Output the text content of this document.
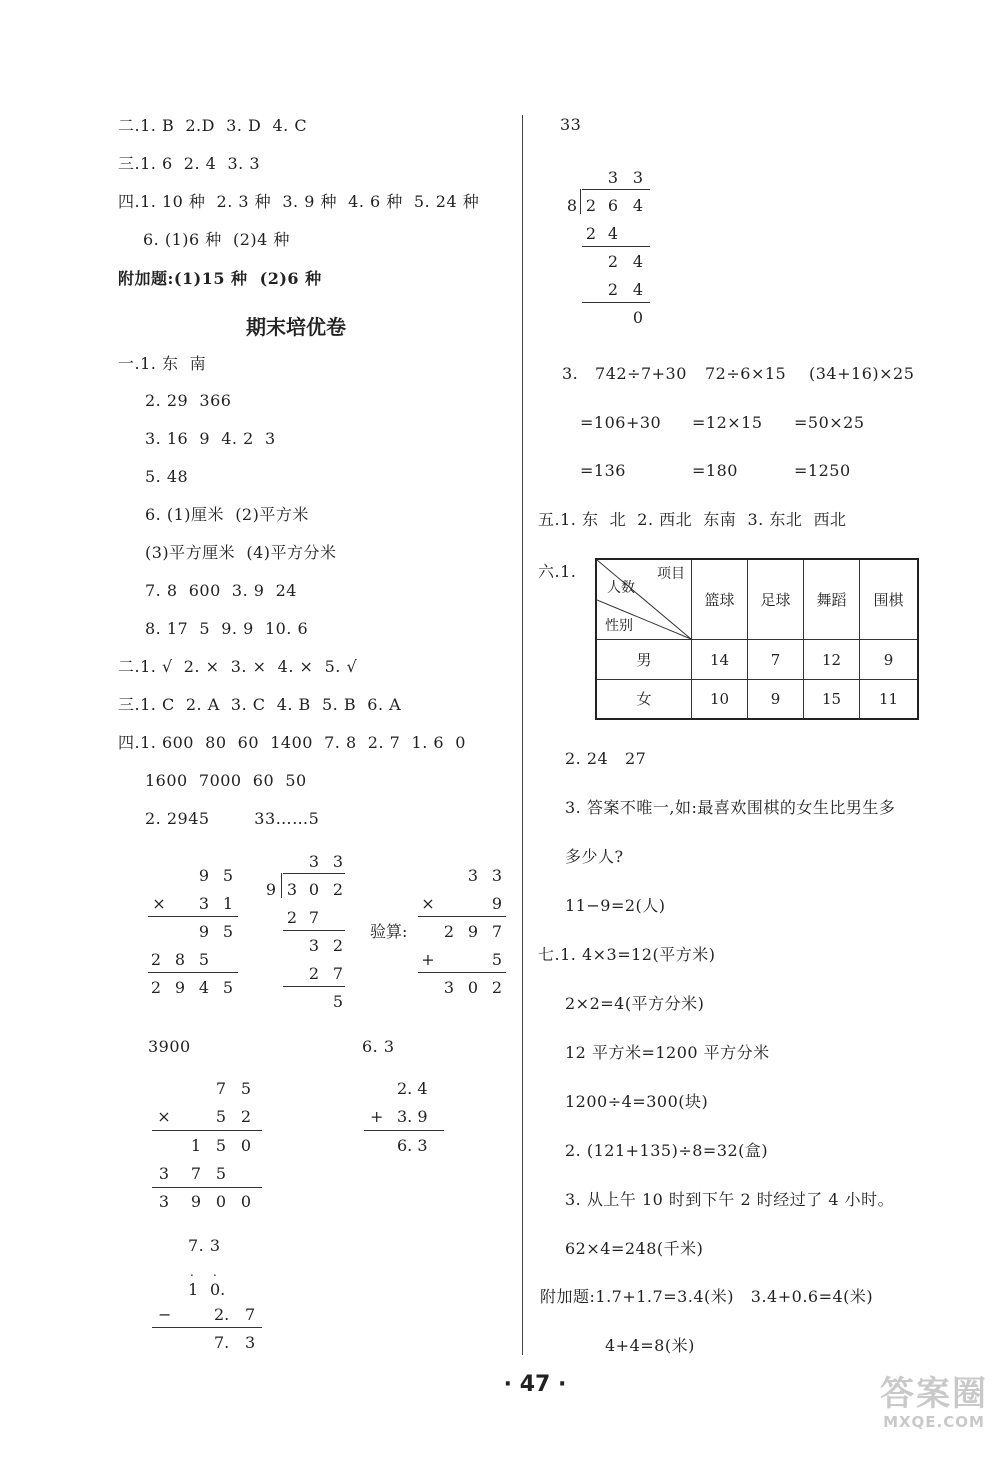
二.1. B  2.D  3. D  4. C
三.1. 6  2. 4  3. 3
四.1. 10 种  2. 3 种  3. 9 种  4. 6 种  5. 24 种
6. (1)6 种  (2)4 种
附加题:(1)15 种  (2)6 种
期末培优卷
一.1. 东  南
2. 29  366
3. 16  9  4. 2  3
5. 48
6. (1)厘米  (2)平方米
(3)平方厘米  (4)平方分米
7. 8  600  3. 9  24
8. 17  5  9. 9  10. 6
二.1. √  2. ×  3. ×  4. ×  5. √
三.1. C  2. A  3. C  4. B  5. B  6. A
四.1. 600  80  60  1400  7. 8  2. 7  1. 6  0
1600  7000  60  50
2. 2945        33……5
9 5
× 3 1
9 5
2 8 5
2 9 4 5
3 3
9 3 0 2
2 7
3 2
2 7
5
3 3
×	9
验算: 2 9 7
+	5
3 0 2
3900	6. 3
7 5
×	5 2
1 5 0
3 7 5
3 9 0 0
2. 4
+ 3. 9
6. 3
7. 3
. .
1 0.
−	2. 7
7. 3
33
3 3
8 2 6 4
2 4
2 4
2 4
0
3.   742÷7+30 72÷6×15 (34+16)×25
=106+30 =12×15 =50×25
=136	=180	=1250
五.1. 东  北  2. 西北  东南  3. 东北  西北
六.1.	项目
人数
性别
篮球	足球	舞蹈	围棋
男	14	7	12	9
女	10	9	15	11
2. 24   27
3. 答案不唯一,如:最喜欢围棋的女生比男生多
多少人?
11−9=2(人)
七.1. 4×3=12(平方米)
2×2=4(平方分米)
12 平方米=1200 平方分米
1200÷4=300(块)
2. (121+135)÷8=32(盒)
3. 从上午 10 时到下午 2 时经过了 4 小时。
62×4=248(千米)
附加题:1.7+1.7=3.4(米)   3.4+0.6=4(米)
4+4=8(米)
· 47 ·	答案圈
MXQE.COM
